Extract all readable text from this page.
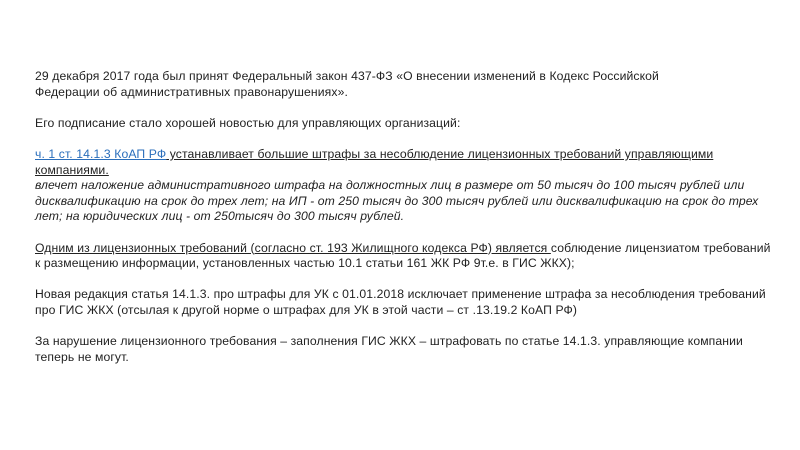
29 декабря 2017 года был принят Федеральный закон 437-ФЗ «О внесении изменений в Кодекс Российской
Федерации об административных правонарушениях».

Его подписание стало хорошей новостью для управляющих организаций:

ч. 1 ст. 14.1.3 КоАП РФ устанавливает большие штрафы за несоблюдение лицензионных требований управляющими компаниями.
влечет наложение административного штрафа на должностных лиц в размере от 50 тысяч до 100 тысяч рублей или дисквалификацию на срок до трех лет; на ИП - от 250 тысяч до 300 тысяч рублей или дисквалификацию на срок до трех лет; на юридических лиц - от 250тысяч до 300 тысяч рублей.

Одним из лицензионных требований (согласно ст. 193 Жилищного кодекса РФ) является соблюдение лицензиатом требований к размещению информации, установленных частью 10.1 статьи 161 ЖК РФ 9т.е. в ГИС ЖКХ);

Новая редакция статья 14.1.3. про штрафы для УК с 01.01.2018 исключает применение штрафа за несоблюдения требований про ГИС ЖКХ (отсылая к другой норме о штрафах для УК в этой части – ст .13.19.2 КоАП РФ)

За нарушение лицензионного требования – заполнения ГИС ЖКХ – штрафовать по статье 14.1.3. управляющие компании теперь не могут.
